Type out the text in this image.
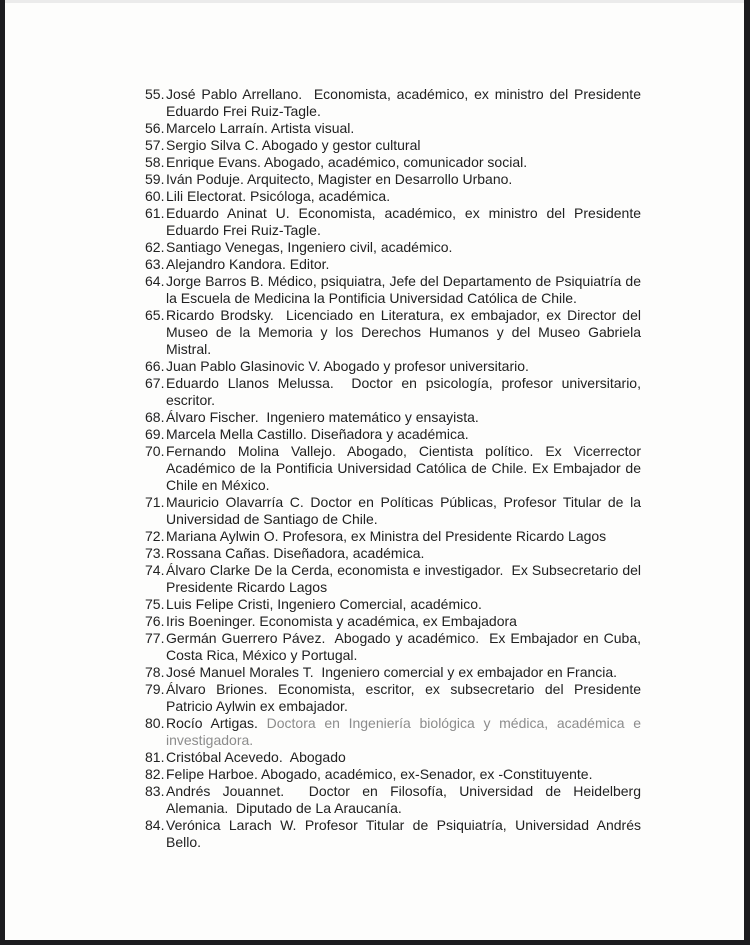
55. José Pablo Arrellano.  Economista, académico, ex ministro del Presidente Eduardo Frei Ruiz-Tagle.
56. Marcelo Larraín. Artista visual.
57. Sergio Silva C. Abogado y gestor cultural
58. Enrique Evans. Abogado, académico, comunicador social.
59. Iván Poduje. Arquitecto, Magister en Desarrollo Urbano.
60. Lili Electorat. Psicóloga, académica.
61. Eduardo Aninat U. Economista, académico, ex ministro del Presidente Eduardo Frei Ruiz-Tagle.
62. Santiago Venegas, Ingeniero civil, académico.
63. Alejandro Kandora. Editor.
64. Jorge Barros B. Médico, psiquiatra, Jefe del Departamento de Psiquiatría de la Escuela de Medicina la Pontificia Universidad Católica de Chile.
65. Ricardo Brodsky.  Licenciado en Literatura, ex embajador, ex Director del Museo de la Memoria y los Derechos Humanos y del Museo Gabriela Mistral.
66. Juan Pablo Glasinovic V. Abogado y profesor universitario.
67. Eduardo Llanos Melussa.  Doctor en psicología, profesor universitario, escritor.
68. Álvaro Fischer.  Ingeniero matemático y ensayista.
69. Marcela Mella Castillo. Diseñadora y académica.
70. Fernando Molina Vallejo. Abogado, Cientista político. Ex Vicerrector Académico de la Pontificia Universidad Católica de Chile. Ex Embajador de Chile en México.
71. Mauricio Olavarría C. Doctor en Políticas Públicas, Profesor Titular de la Universidad de Santiago de Chile.
72. Mariana Aylwin O. Profesora, ex Ministra del Presidente Ricardo Lagos
73. Rossana Cañas. Diseñadora, académica.
74. Álvaro Clarke De la Cerda, economista e investigador.  Ex Subsecretario del Presidente Ricardo Lagos
75. Luis Felipe Cristi, Ingeniero Comercial, académico.
76. Iris Boeninger. Economista y académica, ex Embajadora
77. Germán Guerrero Pávez.  Abogado y académico.  Ex Embajador en Cuba, Costa Rica, México y Portugal.
78. José Manuel Morales T.  Ingeniero comercial y ex embajador en Francia.
79. Álvaro Briones. Economista, escritor, ex subsecretario del Presidente Patricio Aylwin ex embajador.
80. Rocío Artigas. Doctora en Ingeniería biológica y médica, académica e investigadora.
81. Cristóbal Acevedo.  Abogado
82. Felipe Harboe. Abogado, académico, ex-Senador, ex -Constituyente.
83. Andrés Jouannet.  Doctor en Filosofía, Universidad de Heidelberg Alemania.  Diputado de La Araucanía.
84. Verónica Larach W. Profesor Titular de Psiquiatría, Universidad Andrés Bello.
